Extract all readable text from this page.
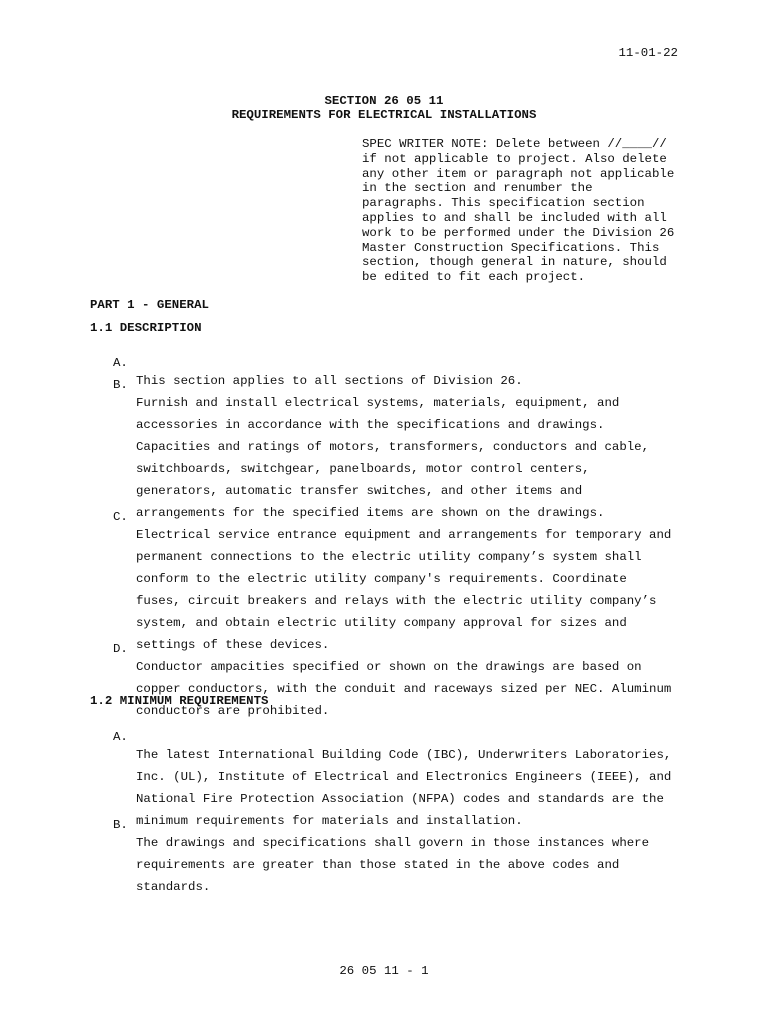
11-01-22
SECTION 26 05 11
REQUIREMENTS FOR ELECTRICAL INSTALLATIONS
SPEC WRITER NOTE: Delete between //____//
if not applicable to project. Also delete
any other item or paragraph not applicable
in the section and renumber the
paragraphs. This specification section
applies to and shall be included with all
work to be performed under the Division 26
Master Construction Specifications. This
section, though general in nature, should
be edited to fit each project.
PART 1 - GENERAL
1.1 DESCRIPTION

A.

This section applies to all sections of Division 26.

B.

Furnish and install electrical systems, materials, equipment, and
accessories in accordance with the specifications and drawings.
Capacities and ratings of motors, transformers, conductors and cable,
switchboards, switchgear, panelboards, motor control centers,
generators, automatic transfer switches, and other items and
arrangements for the specified items are shown on the drawings.

C.

Electrical service entrance equipment and arrangements for temporary and
permanent connections to the electric utility company’s system shall
conform to the electric utility company's requirements. Coordinate
fuses, circuit breakers and relays with the electric utility company’s
system, and obtain electric utility company approval for sizes and
settings of these devices.

D.

Conductor ampacities specified or shown on the drawings are based on
copper conductors, with the conduit and raceways sized per NEC. Aluminum
conductors are prohibited.

1.2 MINIMUM REQUIREMENTS

A.

The latest International Building Code (IBC), Underwriters Laboratories,
Inc. (UL), Institute of Electrical and Electronics Engineers (IEEE), and
National Fire Protection Association (NFPA) codes and standards are the
minimum requirements for materials and installation.

B.

The drawings and specifications shall govern in those instances where
requirements are greater than those stated in the above codes and
standards.

26 05 11 - 1
